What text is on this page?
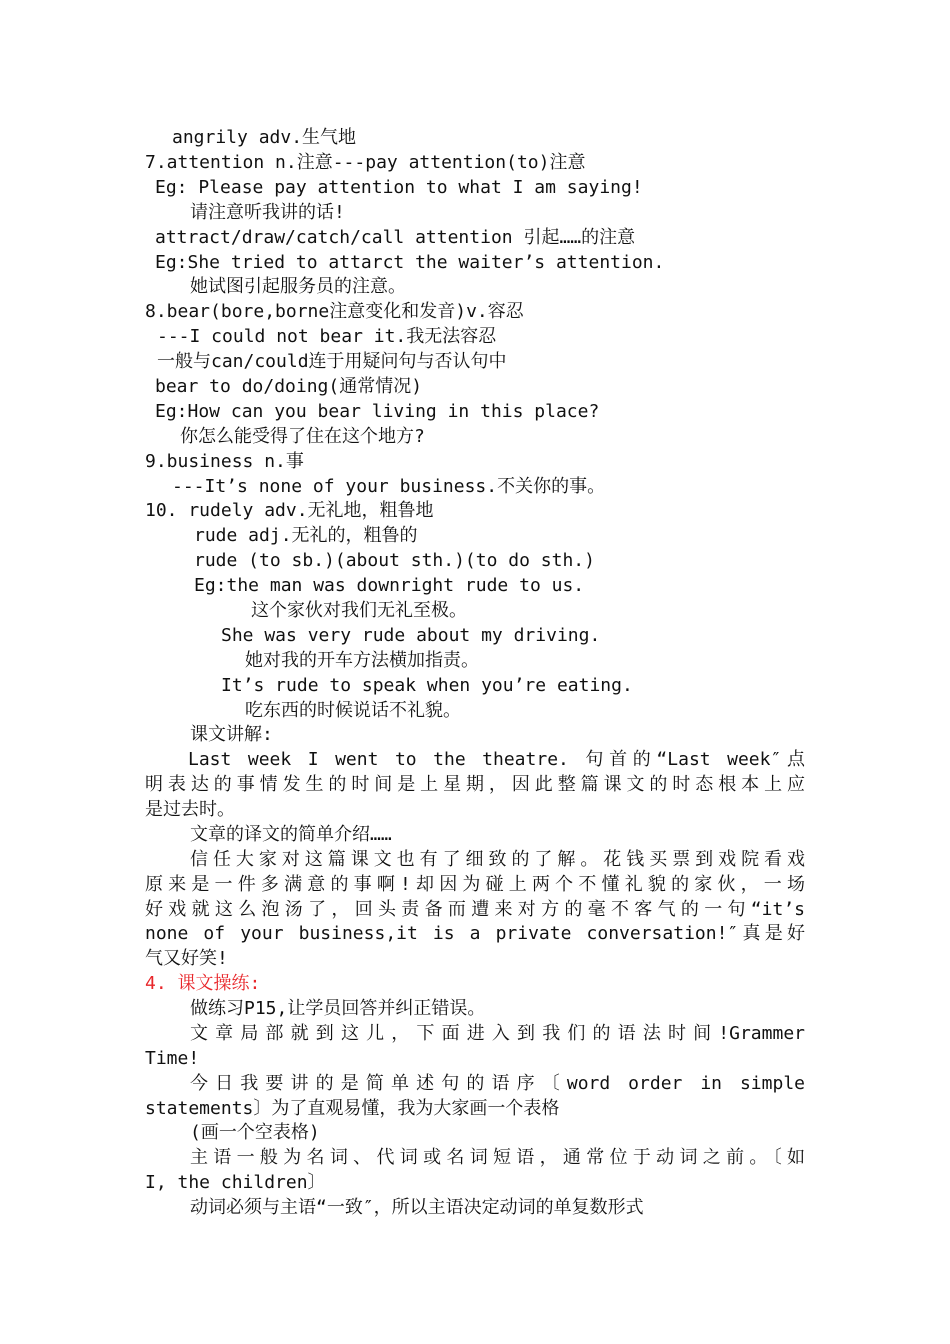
angrily adv.生气地
7.attention n.注意---pay attention(to)注意
Eg: Please pay attention to what I am saying!
请注意听我讲的话!
attract/draw/catch/call attention 引起……的注意
Eg:She tried to attarct the waiter’s attention.
她试图引起服务员的注意。
8.bear(bore,borne注意变化和发音)v.容忍
---I could not bear it.我无法容忍
一般与can/could连于用疑问句与否认句中
bear to do/doing(通常情况)
Eg:How can you bear living in this place?
你怎么能受得了住在这个地方?
9.business n.事
---It’s none of your business.不关你的事。
10. rudely adv.无礼地，粗鲁地
rude adj.无礼的，粗鲁的
rude (to sb.)(about sth.)(to do sth.)
Eg:the man was downright rude to us.
这个家伙对我们无礼至极。
She was very rude about my driving.
她对我的开车方法横加指责。
It’s rude to speak when you’re eating.
吃东西的时候说话不礼貌。
课文讲解:
Last week I went to the theatre. 句首的“Last week″点
明表达的事情发生的时间是上星期，因此整篇课文的时态根本上应
是过去时。
文章的译文的简单介绍……
信任大家对这篇课文也有了细致的了解。花钱买票到戏院看戏
原来是一件多满意的事啊!却因为碰上两个不懂礼貌的家伙，一场
好戏就这么泡汤了，回头责备而遭来对方的毫不客气的一句“it’s
none of your business,it is a private conversation!″真是好
气又好笑!
4. 课文操练:
做练习P15,让学员回答并纠正错误。
文章局部就到这儿，下面进入到我们的语法时间!Grammer
Time!
今日我要讲的是简单述句的语序〔word order in simple
statements〕为了直观易懂，我为大家画一个表格
(画一个空表格)
主语一般为名词、代词或名词短语，通常位于动词之前。〔如
I, the children〕
动词必须与主语“一致″，所以主语决定动词的单复数形式
